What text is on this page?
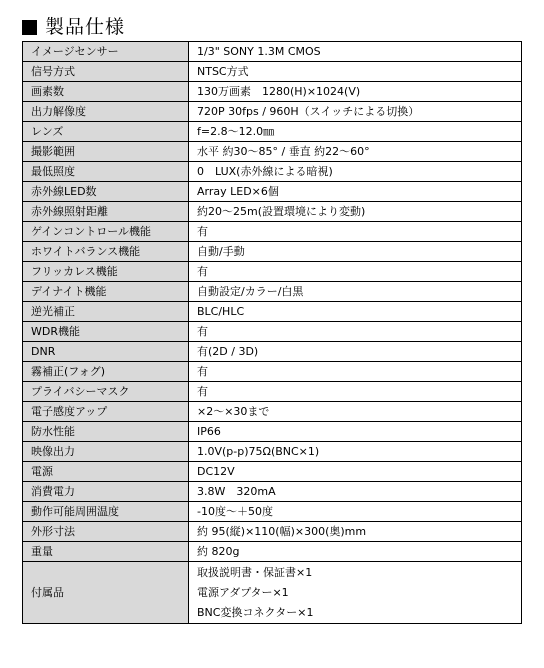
製品仕様
イメージセンサー	1/3" SONY 1.3M CMOS
信号方式	NTSC方式
画素数	130万画素　1280(H)×1024(V)
出力解像度	720P 30fps / 960H（スイッチによる切換）
レンズ	f=2.8～12.0㎜
撮影範囲	水平 約30～85° / 垂直 約22～60°
最低照度	0　LUX(赤外線による暗視)
赤外線LED数	Array LED×6個
赤外線照射距離	約20～25m(設置環境により変動)
ゲインコントロール機能	有
ホワイトバランス機能	自動/手動
フリッカレス機能	有
デイナイト機能	自動設定/カラー/白黒
逆光補正	BLC/HLC
WDR機能	有
DNR	有(2D / 3D)
霧補正(フォグ)	有
プライバシーマスク	有
電子感度アップ	×2～×30まで
防水性能	IP66
映像出力	1.0V(p-p)75Ω(BNC×1)
電源	DC12V
消費電力	3.8W　320mA
動作可能周囲温度	-10度～＋50度
外形寸法	約 95(縦)×110(幅)×300(奥)mm
重量	約 820g
付属品	取扱説明書・保証書×1
電源アダプター×1
BNC変換コネクター×1
